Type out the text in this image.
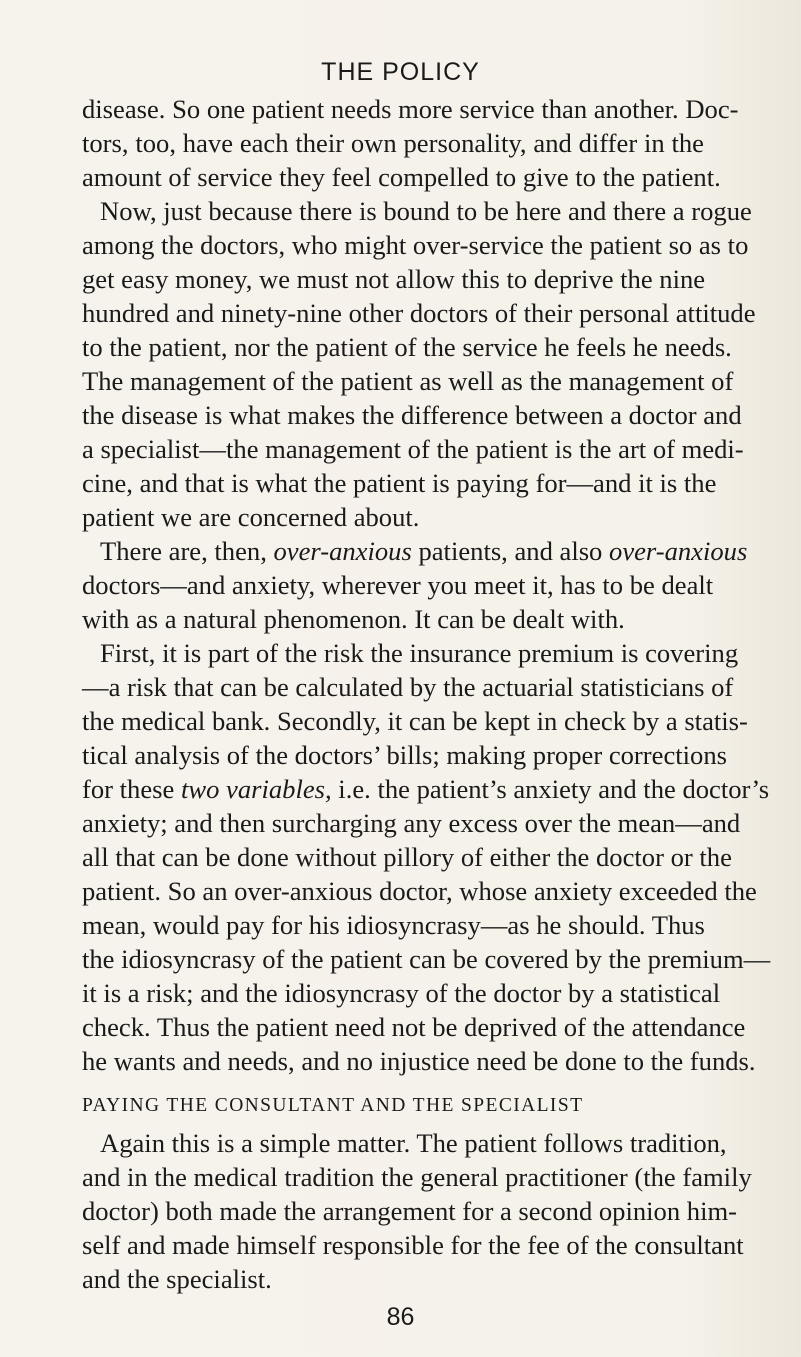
THE POLICY
disease. So one patient needs more service than another. Doc-
tors, too, have each their own personality, and differ in the
amount of service they feel compelled to give to the patient.
Now, just because there is bound to be here and there a rogue
among the doctors, who might over-service the patient so as to
get easy money, we must not allow this to deprive the nine
hundred and ninety-nine other doctors of their personal attitude
to the patient, nor the patient of the service he feels he needs.
The management of the patient as well as the management of
the disease is what makes the difference between a doctor and
a specialist—the management of the patient is the art of medi-
cine, and that is what the patient is paying for—and it is the
patient we are concerned about.
There are, then, over-anxious patients, and also over-anxious
doctors—and anxiety, wherever you meet it, has to be dealt
with as a natural phenomenon. It can be dealt with.
First, it is part of the risk the insurance premium is covering
—a risk that can be calculated by the actuarial statisticians of
the medical bank. Secondly, it can be kept in check by a statis-
tical analysis of the doctors’ bills; making proper corrections
for these two variables, i.e. the patient’s anxiety and the doctor’s
anxiety; and then surcharging any excess over the mean—and
all that can be done without pillory of either the doctor or the
patient. So an over-anxious doctor, whose anxiety exceeded the
mean, would pay for his idiosyncrasy—as he should. Thus
the idiosyncrasy of the patient can be covered by the premium—
it is a risk; and the idiosyncrasy of the doctor by a statistical
check. Thus the patient need not be deprived of the attendance
he wants and needs, and no injustice need be done to the funds.
PAYING THE CONSULTANT AND THE SPECIALIST
Again this is a simple matter. The patient follows tradition,
and in the medical tradition the general practitioner (the family
doctor) both made the arrangement for a second opinion him-
self and made himself responsible for the fee of the consultant
and the specialist.
86
